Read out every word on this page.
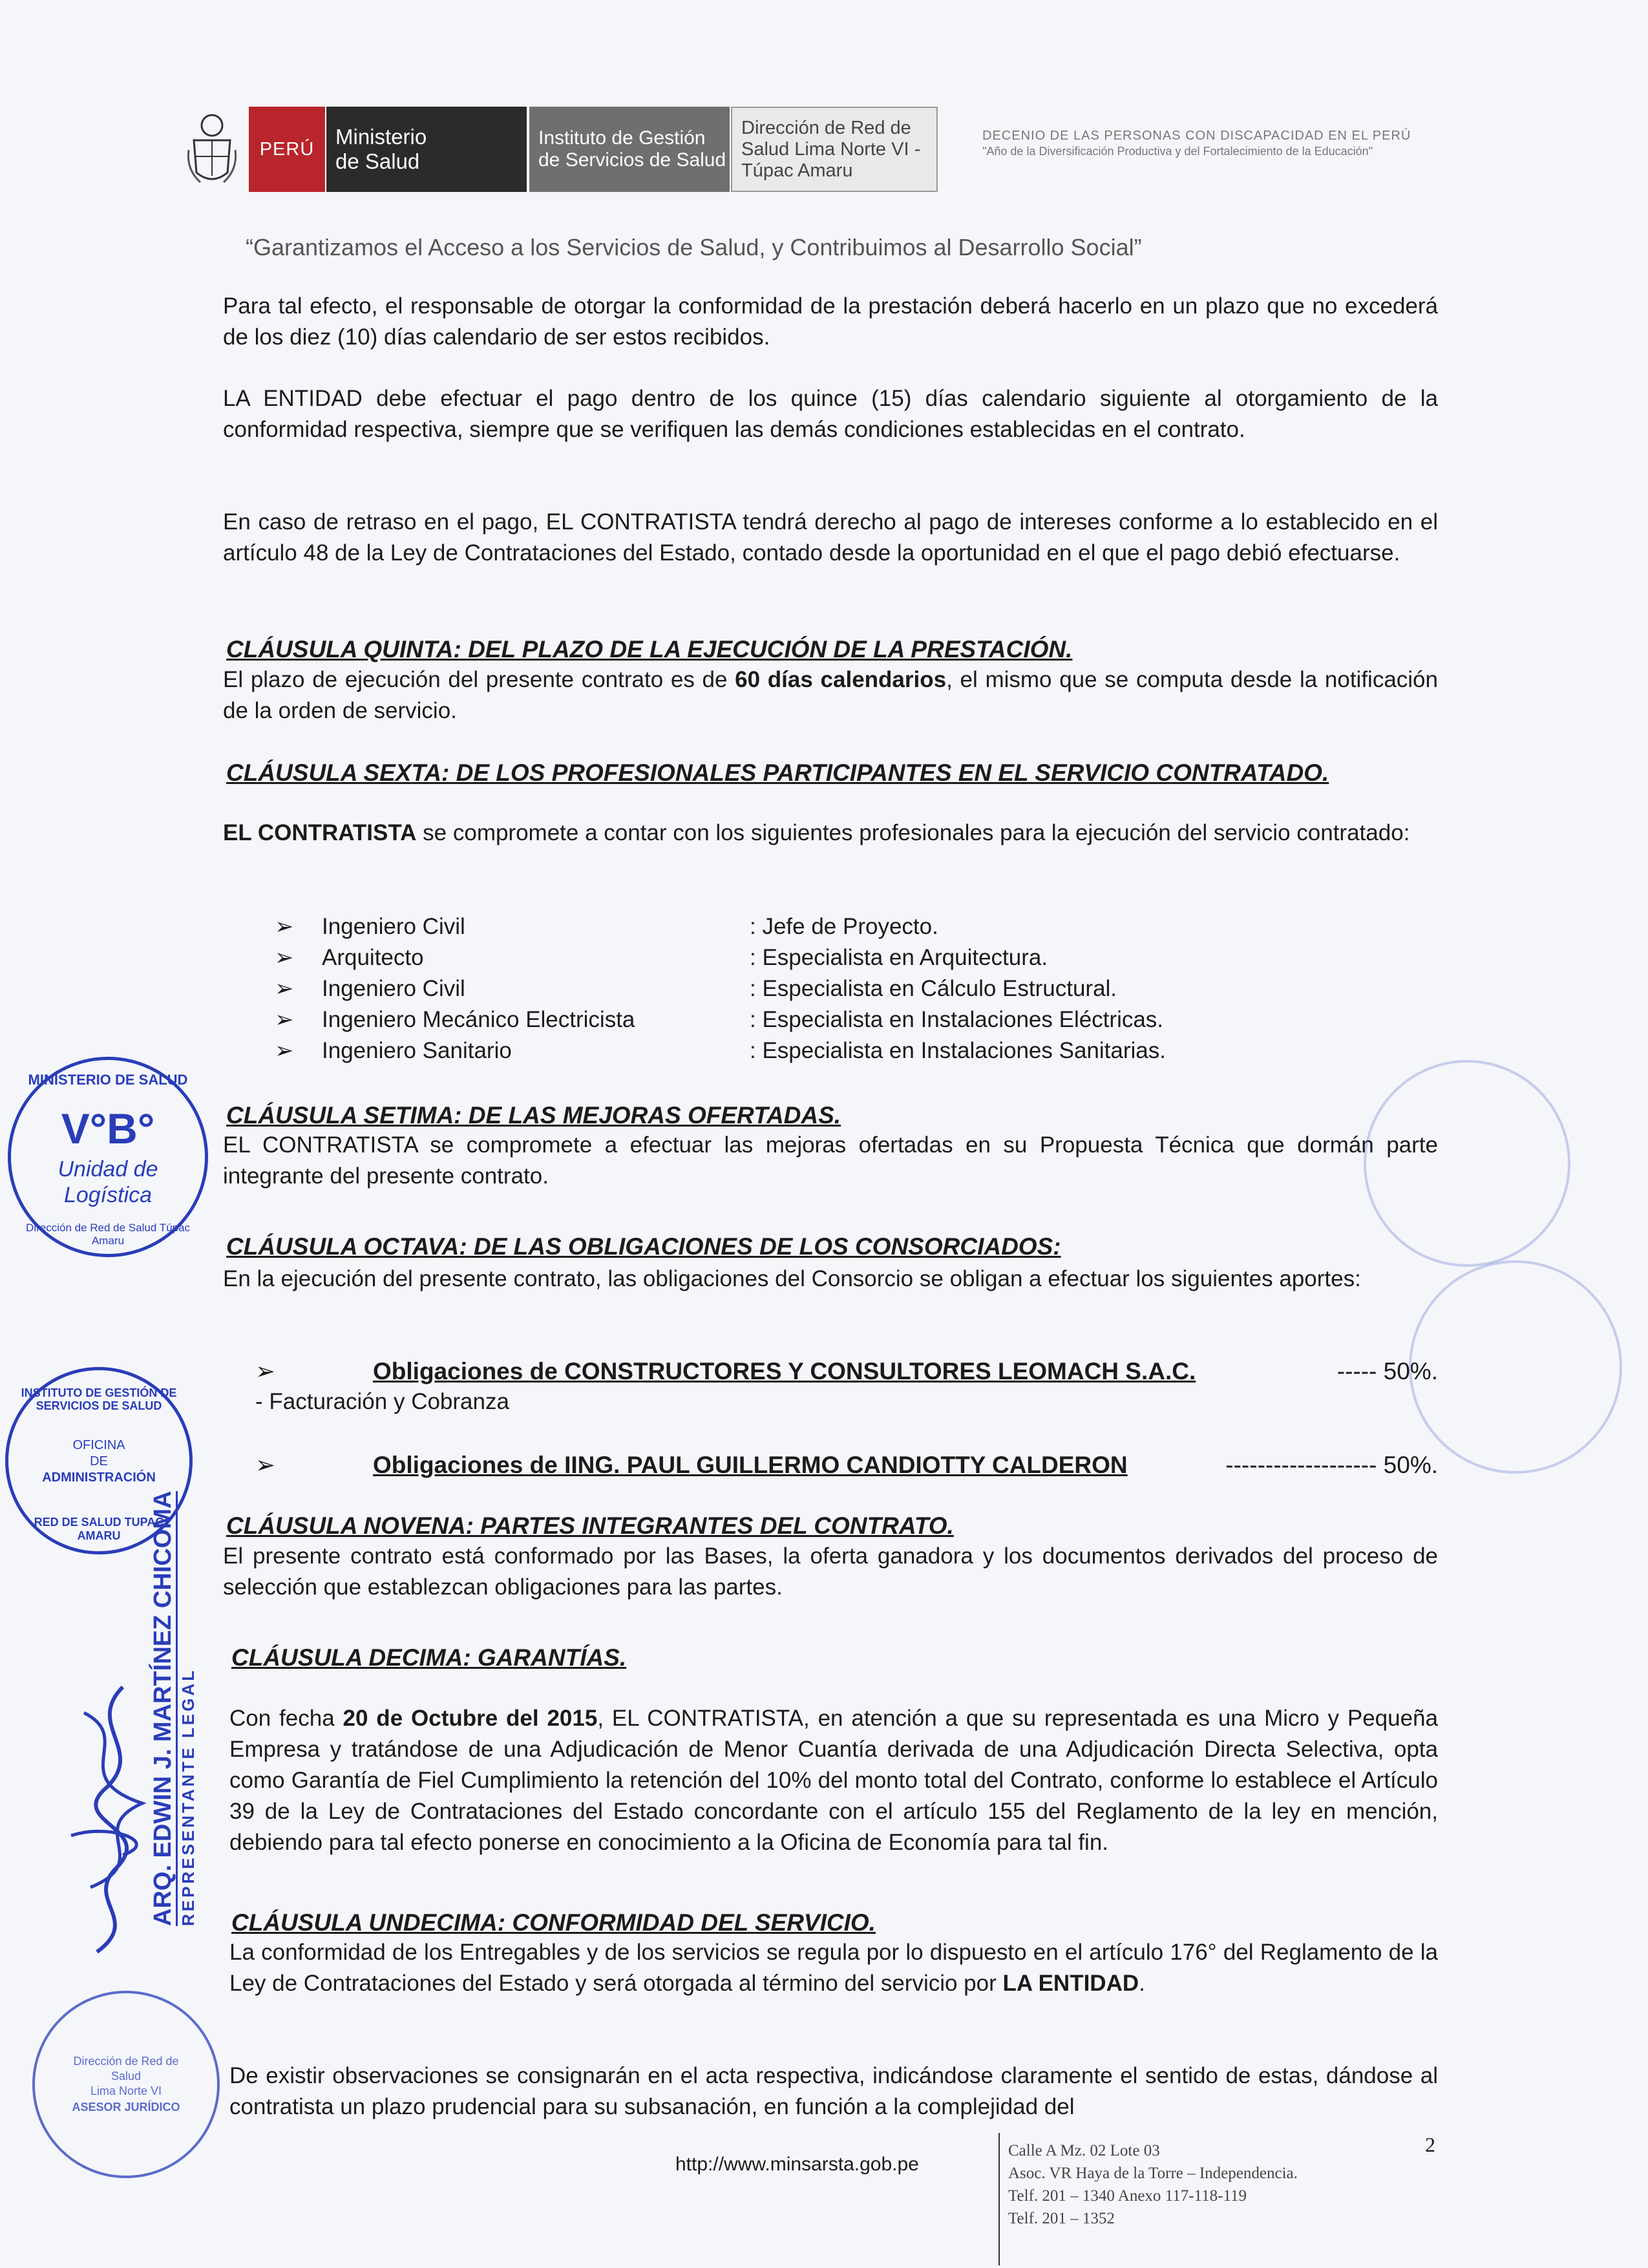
PERÚ
Ministerio
de Salud
Instituto de Gestión
de Servicios de Salud
Dirección de Red de
Salud Lima Norte VI -
Túpac Amaru
DECENIO DE LAS PERSONAS CON DISCAPACIDAD EN EL PERÚ
"Año de la Diversificación Productiva y del Fortalecimiento de la Educación"
“Garantizamos el Acceso a los Servicios de Salud, y Contribuimos al Desarrollo Social”
Para tal efecto, el responsable de otorgar la conformidad de la prestación deberá hacerlo en un plazo que no excederá de los diez (10) días calendario de ser estos recibidos.
LA ENTIDAD debe efectuar el pago dentro de los quince (15) días calendario siguiente al otorgamiento de la conformidad respectiva, siempre que se verifiquen las demás condiciones establecidas en el contrato.
En caso de retraso en el pago, EL CONTRATISTA tendrá derecho al pago de intereses conforme a lo establecido en el artículo 48 de la Ley de Contrataciones del Estado, contado desde la oportunidad en el que el pago debió efectuarse.
CLÁUSULA QUINTA: DEL PLAZO DE LA EJECUCIÓN DE LA PRESTACIÓN.
El plazo de ejecución del presente contrato es de 60 días calendarios, el mismo que se computa desde la notificación de la orden de servicio.
CLÁUSULA SEXTA: DE LOS PROFESIONALES PARTICIPANTES EN EL SERVICIO CONTRATADO.
EL CONTRATISTA se compromete a contar con los siguientes profesionales para la ejecución del servicio contratado:
➢ Ingeniero Civil	: Jefe de Proyecto.
➢ Arquitecto	: Especialista en Arquitectura.
➢ Ingeniero Civil	: Especialista en Cálculo Estructural.
➢ Ingeniero Mecánico Electricista	: Especialista en Instalaciones Eléctricas.
➢ Ingeniero Sanitario	: Especialista en Instalaciones Sanitarias.
CLÁUSULA SETIMA: DE LAS MEJORAS OFERTADAS.
EL CONTRATISTA se compromete a efectuar las mejoras ofertadas en su Propuesta Técnica que dormán parte integrante del presente contrato.
CLÁUSULA OCTAVA: DE LAS OBLIGACIONES DE LOS CONSORCIADOS:
En la ejecución del presente contrato, las obligaciones del Consorcio se obligan a efectuar los siguientes aportes:
➢	Obligaciones de CONSTRUCTORES Y CONSULTORES LEOMACH S.A.C.	----- 50%.
- Facturación y Cobranza
➢	Obligaciones de IING. PAUL GUILLERMO CANDIOTTY CALDERON	------------------- 50%.
CLÁUSULA NOVENA: PARTES INTEGRANTES DEL CONTRATO.
El presente contrato está conformado por las Bases, la oferta ganadora y los documentos derivados del proceso de selección que establezcan obligaciones para las partes.
CLÁUSULA DECIMA: GARANTÍAS.
Con fecha 20 de Octubre del 2015, EL CONTRATISTA, en atención a que su representada es una Micro y Pequeña Empresa y tratándose de una Adjudicación de Menor Cuantía derivada de una Adjudicación Directa Selectiva, opta como Garantía de Fiel Cumplimiento la retención del 10% del monto total del Contrato, conforme lo establece el Artículo 39 de la Ley de Contrataciones del Estado concordante con el artículo 155 del Reglamento de la ley en mención, debiendo para tal efecto ponerse en conocimiento a la Oficina de Economía para tal fin.
CLÁUSULA UNDECIMA: CONFORMIDAD DEL SERVICIO.
La conformidad de los Entregables y de los servicios se regula por lo dispuesto en el artículo 176° del Reglamento de la Ley de Contrataciones del Estado y será otorgada al término del servicio por LA ENTIDAD.
De existir observaciones se consignarán en el acta respectiva, indicándose claramente el sentido de estas, dándose al contratista un plazo prudencial para su subsanación, en función a la complejidad del
MINISTERIO DE SALUD
V°B°
Unidad de
Logística
Dirección de Red de Salud Túpac Amaru
INSTITUTO DE GESTIÓN DE SERVICIOS DE SALUD
OFICINA
DE
ADMINISTRACIÓN
RED DE SALUD TUPAC AMARU	ARQ. EDWIN J. MARTÍNEZ CHICOMA REPRESENTANTE LEGAL
Dirección de Red de
Salud
Lima Norte VI
ASESOR JURÍDICO
http://www.minsarsta.gob.pe
Calle A Mz. 02 Lote 03
Asoc. VR Haya de la Torre – Independencia.
Telf. 201 – 1340 Anexo 117-118-119
Telf. 201 – 1352
2
